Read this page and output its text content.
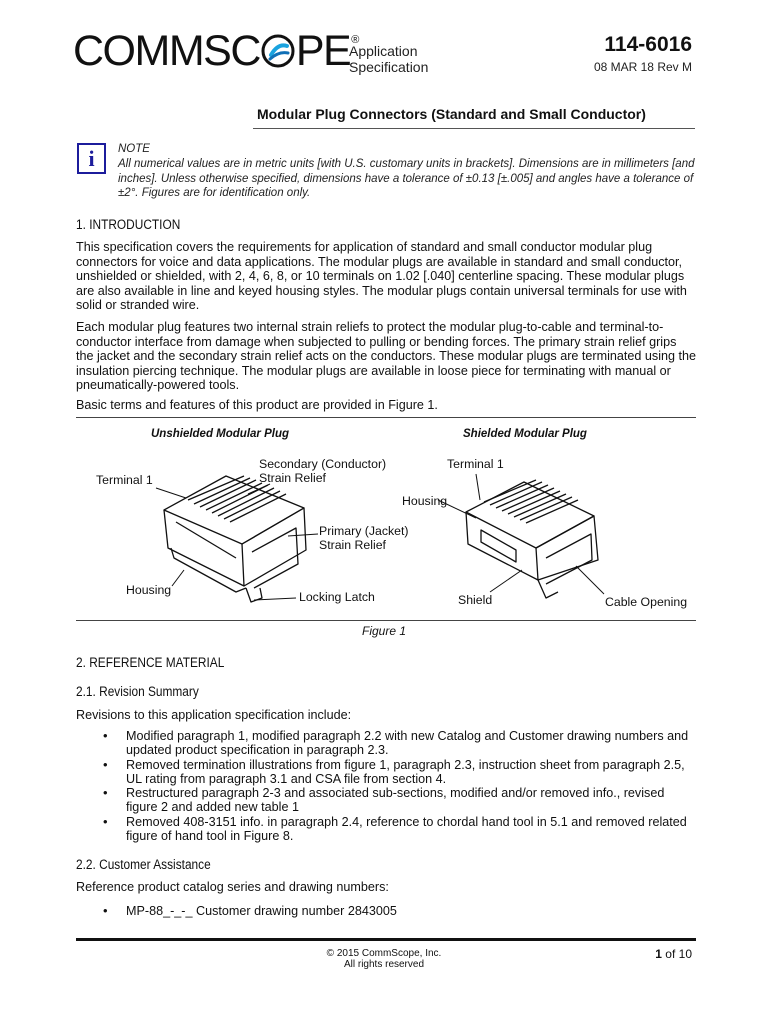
COMMSC PE®
Application
Specification
114-6016
08 MAR 18 Rev M
Modular Plug Connectors (Standard and Small Conductor)
i	NOTE
All numerical values are in metric units [with U.S. customary units in brackets]. Dimensions are in millimeters [and inches]. Unless otherwise specified, dimensions have a tolerance of ±0.13 [±.005] and angles have a tolerance of ±2°. Figures are for identification only.
1. INTRODUCTION
This specification covers the requirements for application of standard and small conductor modular plug connectors for voice and data applications. The modular plugs are available in standard and small conductor, unshielded or shielded, with 2, 4, 6, 8, or 10 terminals on 1.02 [.040] centerline spacing. These modular plugs are also available in line and keyed housing styles. The modular plugs contain universal terminals for use with solid or stranded wire.
Each modular plug features two internal strain reliefs to protect the modular plug-to-cable and terminal-to-conductor interface from damage when subjected to pulling or bending forces. The primary strain relief grips the jacket and the secondary strain relief acts on the conductors. These modular plugs are terminated using the insulation piercing technique. The modular plugs are available in loose piece for terminating with manual or pneumatically-powered tools.
Basic terms and features of this product are provided in Figure 1.
Unshielded Modular Plug	Shielded Modular Plug
Terminal 1
Secondary (Conductor)
Strain Relief
Primary (Jacket)
Strain Relief
Housing	Locking Latch
Terminal 1
Housing
Shield	Cable Opening
Figure 1
2. REFERENCE MATERIAL
2.1. Revision Summary
Revisions to this application specification include:
• Modified paragraph 1, modified paragraph 2.2 with new Catalog and Customer drawing numbers and updated product specification in paragraph 2.3.
• Removed termination illustrations from figure 1, paragraph 2.3, instruction sheet from paragraph 2.5, UL rating from paragraph 3.1 and CSA file from section 4.
• Restructured paragraph 2-3 and associated sub-sections, modified and/or removed info., revised figure 2 and added new table 1
• Removed 408-3151 info. in paragraph 2.4, reference to chordal hand tool in 5.1 and removed related figure of hand tool in Figure 8.
2.2. Customer Assistance
Reference product catalog series and drawing numbers:
• MP-88_-_-_ Customer drawing number 2843005
© 2015 CommScope, Inc.
All rights reserved
1 of 10
